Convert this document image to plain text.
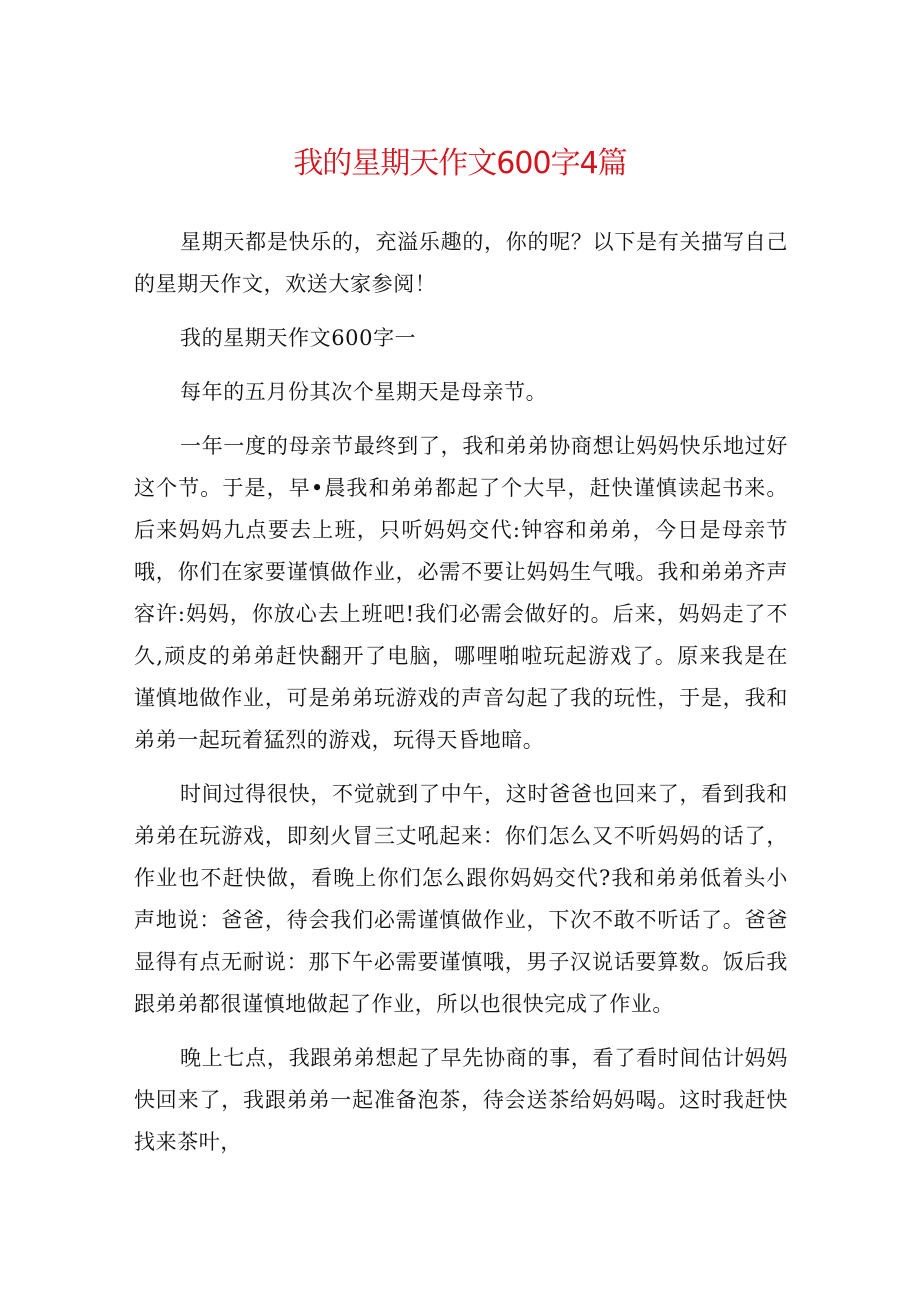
我的星期天作文600字4篇

星期天都是快乐的，充溢乐趣的，你的呢？以下是有关描写自己的星期天作文，欢送大家参阅！

我的星期天作文600字一

每年的五月份其次个星期天是母亲节。

一年一度的母亲节最终到了，我和弟弟协商想让妈妈快乐地过好这个节。于是，早•晨我和弟弟都起了个大早，赶快谨慎读起书来。后来妈妈九点要去上班，只听妈妈交代:钟容和弟弟，今日是母亲节哦，你们在家要谨慎做作业，必需不要让妈妈生气哦。我和弟弟齐声容许:妈妈，你放心去上班吧!我们必需会做好的。后来，妈妈走了不久,顽皮的弟弟赶快翻开了电脑，哪哩啪啦玩起游戏了。原来我是在谨慎地做作业，可是弟弟玩游戏的声音勾起了我的玩性，于是，我和弟弟一起玩着猛烈的游戏，玩得天昏地暗。

时间过得很快，不觉就到了中午，这时爸爸也回来了，看到我和弟弟在玩游戏，即刻火冒三丈吼起来：你们怎么又不听妈妈的话了，作业也不赶快做，看晚上你们怎么跟你妈妈交代?我和弟弟低着头小声地说：爸爸，待会我们必需谨慎做作业，下次不敢不听话了。爸爸显得有点无耐说：那下午必需要谨慎哦，男子汉说话要算数。饭后我跟弟弟都很谨慎地做起了作业，所以也很快完成了作业。

晚上七点，我跟弟弟想起了早先协商的事，看了看时间估计妈妈快回来了，我跟弟弟一起准备泡茶，待会送茶给妈妈喝。这时我赶快找来茶叶，
